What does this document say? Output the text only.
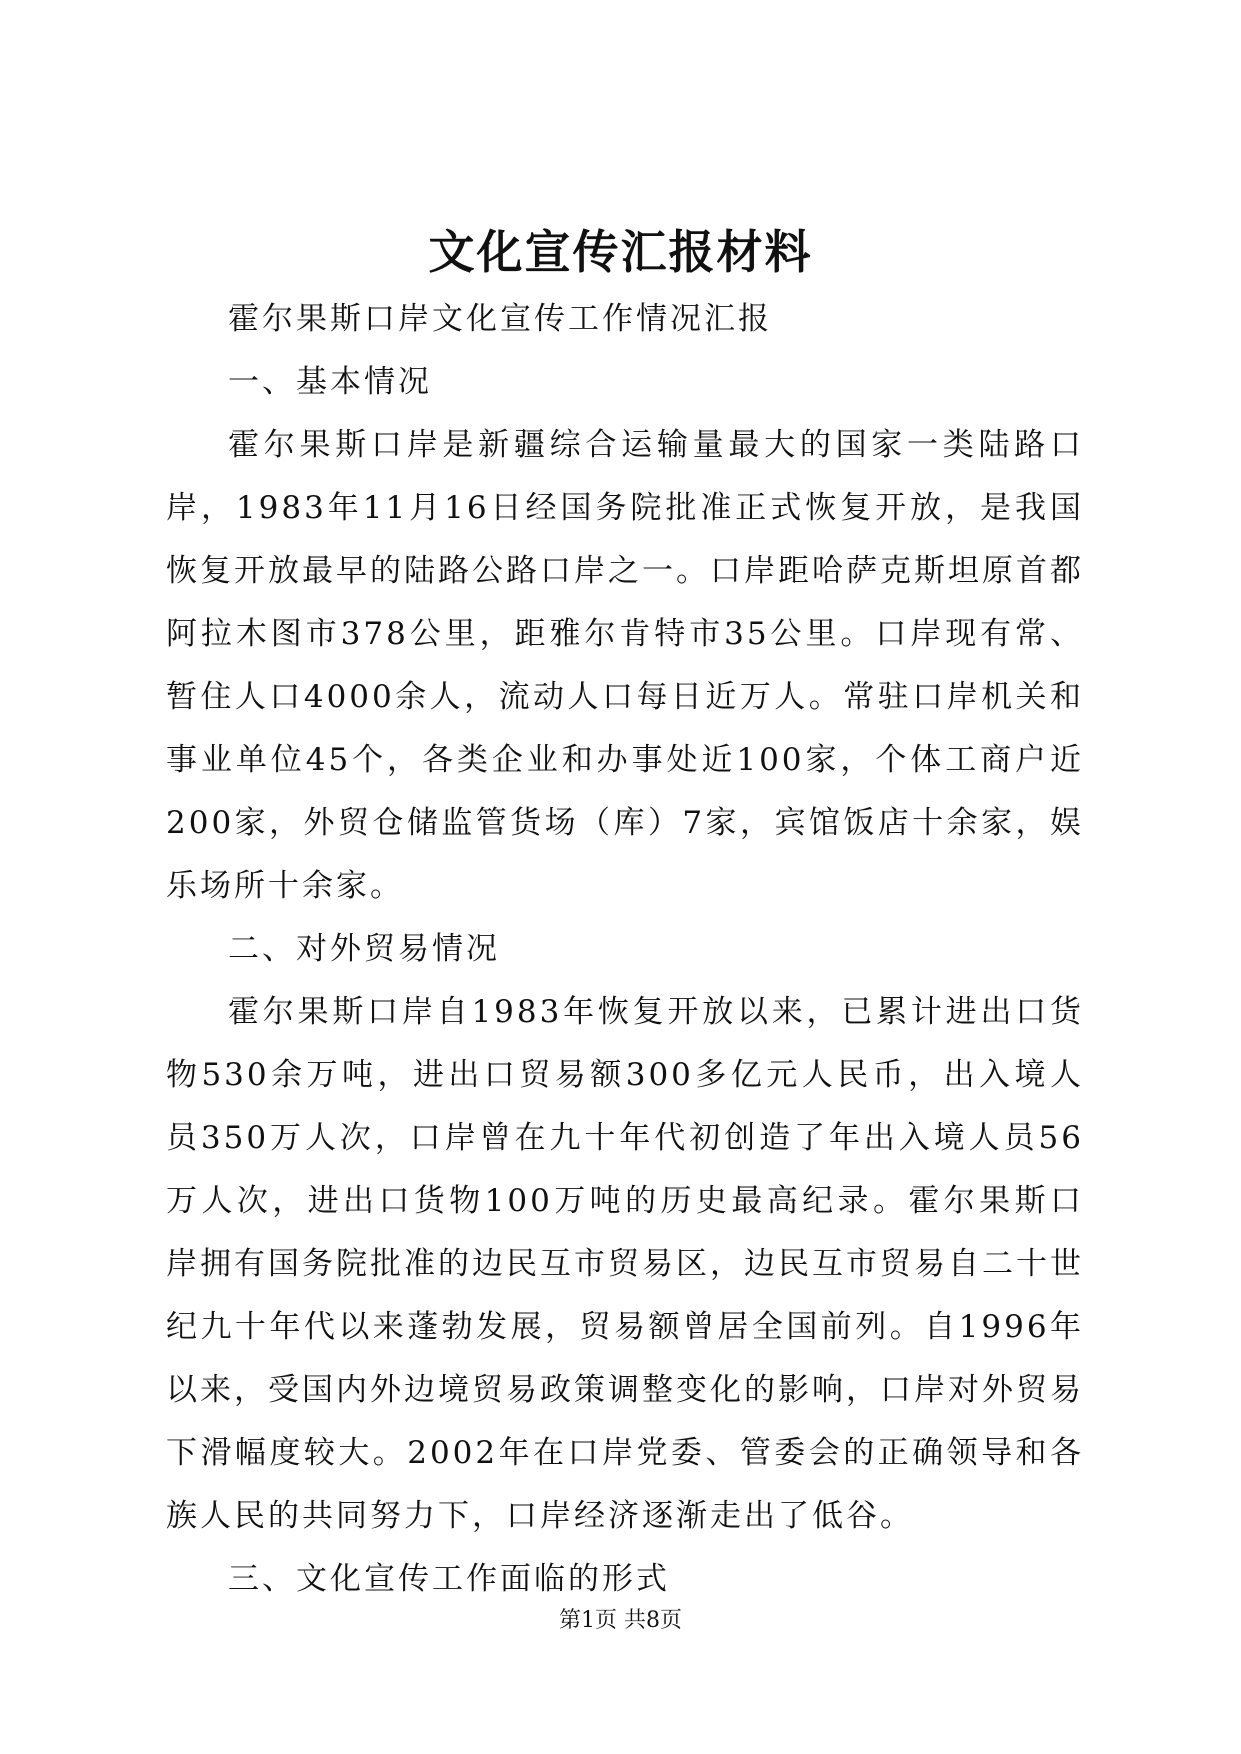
文化宣传汇报材料

霍尔果斯口岸文化宣传工作情况汇报

一、基本情况

霍尔果斯口岸是新疆综合运输量最大的国家一类陆路口岸，1983年11月16日经国务院批准正式恢复开放，是我国恢复开放最早的陆路公路口岸之一。口岸距哈萨克斯坦原首都阿拉木图市378公里，距雅尔肯特市35公里。口岸现有常、暂住人口4000余人，流动人口每日近万人。常驻口岸机关和事业单位45个，各类企业和办事处近100家，个体工商户近200家，外贸仓储监管货场（库）7家，宾馆饭店十余家，娱乐场所十余家。

二、对外贸易情况

霍尔果斯口岸自1983年恢复开放以来，已累计进出口货物530余万吨，进出口贸易额300多亿元人民币，出入境人员350万人次，口岸曾在九十年代初创造了年出入境人员56万人次，进出口货物100万吨的历史最高纪录。霍尔果斯口岸拥有国务院批准的边民互市贸易区，边民互市贸易自二十世纪九十年代以来蓬勃发展，贸易额曾居全国前列。自1996年以来，受国内外边境贸易政策调整变化的影响，口岸对外贸易下滑幅度较大。2002年在口岸党委、管委会的正确领导和各族人民的共同努力下，口岸经济逐渐走出了低谷。

三、文化宣传工作面临的形式

第1页 共8页
